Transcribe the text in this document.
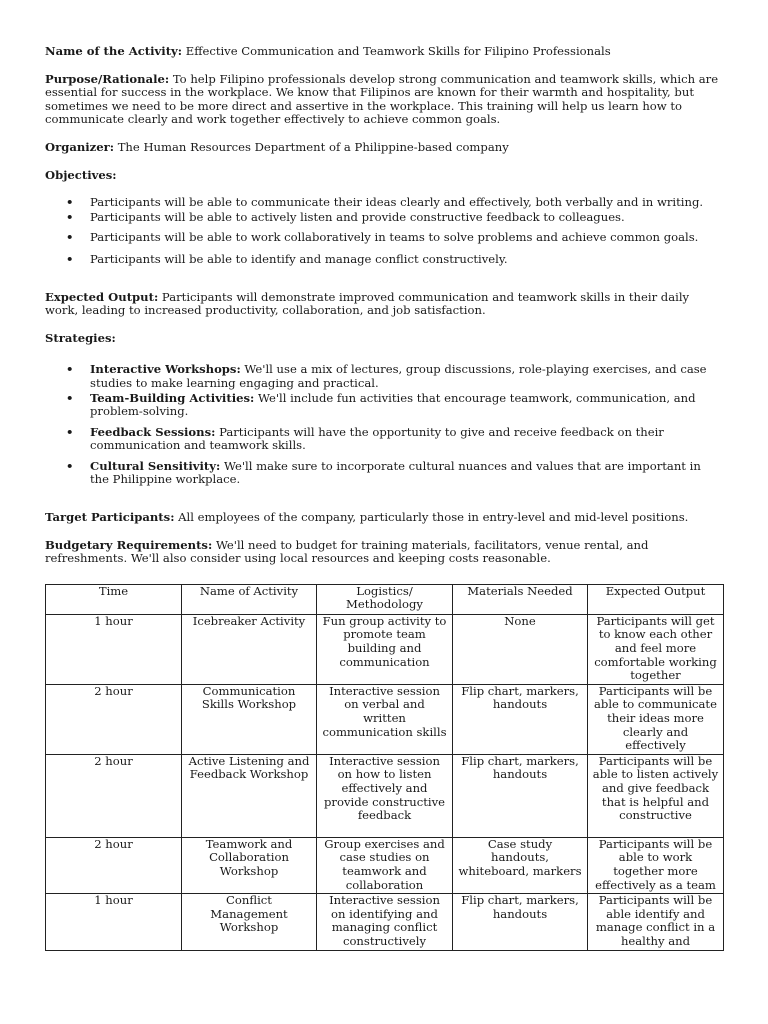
Name of the Activity: Effective Communication and Teamwork Skills for Filipino Professionals

Purpose/Rationale: To help Filipino professionals develop strong communication and teamwork skills, which are essential for success in the workplace. We know that Filipinos are known for their warmth and hospitality, but sometimes we need to be more direct and assertive in the workplace. This training will help us learn how to communicate clearly and work together effectively to achieve common goals.

Organizer: The Human Resources Department of a Philippine-based company

Objectives:

• Participants will be able to communicate their ideas clearly and effectively, both verbally and in writing.
• Participants will be able to actively listen and provide constructive feedback to colleagues.
• Participants will be able to work collaboratively in teams to solve problems and achieve common goals.
• Participants will be able to identify and manage conflict constructively.

Expected Output: Participants will demonstrate improved communication and teamwork skills in their daily work, leading to increased productivity, collaboration, and job satisfaction.

Strategies:

• Interactive Workshops: We'll use a mix of lectures, group discussions, role-playing exercises, and case studies to make learning engaging and practical.
• Team-Building Activities: We'll include fun activities that encourage teamwork, communication, and problem-solving.
• Feedback Sessions: Participants will have the opportunity to give and receive feedback on their communication and teamwork skills.
• Cultural Sensitivity: We'll make sure to incorporate cultural nuances and values that are important in the Philippine workplace.

Target Participants: All employees of the company, particularly those in entry-level and mid-level positions.

Budgetary Requirements: We'll need to budget for training materials, facilitators, venue rental, and refreshments. We'll also consider using local resources and keeping costs reasonable.

Time	Name of Activity	Logistics/ Methodology	Materials Needed	Expected Output
1 hour	Icebreaker Activity	Fun group activity to promote team building and communication	None	Participants will get to know each other and feel more comfortable working together
2 hour	Communication Skills Workshop	Interactive session on verbal and written communication skills	Flip chart, markers, handouts	Participants will be able to communicate their ideas more clearly and effectively
2 hour	Active Listening and Feedback Workshop	Interactive session on how to listen effectively and provide constructive feedback	Flip chart, markers, handouts	Participants will be able to listen actively and give feedback that is helpful and constructive
2 hour	Teamwork and Collaboration Workshop	Group exercises and case studies on teamwork and collaboration	Case study handouts, whiteboard, markers	Participants will be able to work together more effectively as a team
1 hour	Conflict Management Workshop	Interactive session on identifying and managing conflict constructively	Flip chart, markers, handouts	Participants will be able identify and manage conflict in a healthy and
